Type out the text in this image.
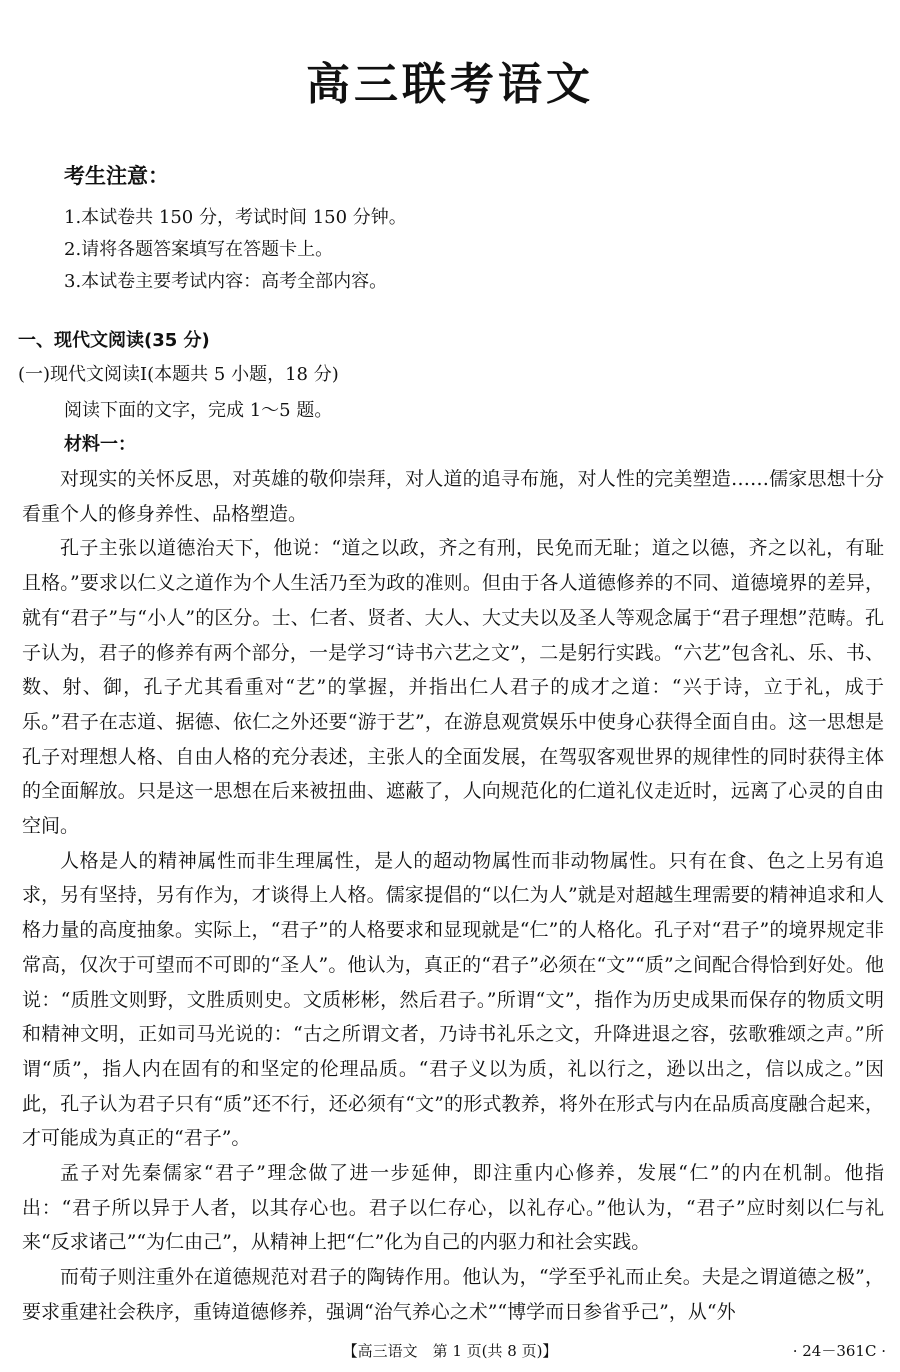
高三联考语文
考生注意：
1.本试卷共 150 分，考试时间 150 分钟。
2.请将各题答案填写在答题卡上。
3.本试卷主要考试内容：高考全部内容。
一、现代文阅读(35 分)
(一)现代文阅读Ⅰ(本题共 5 小题，18 分)
阅读下面的文字，完成 1～5 题。
材料一：

对现实的关怀反思，对英雄的敬仰崇拜，对人道的追寻布施，对人性的完美塑造……儒家思想十分看重个人的修身养性、品格塑造。

孔子主张以道德治天下，他说：“道之以政，齐之有刑，民免而无耻；道之以德，齐之以礼，有耻且格。”要求以仁义之道作为个人生活乃至为政的准则。但由于各人道德修养的不同、道德境界的差异，就有“君子”与“小人”的区分。士、仁者、贤者、大人、大丈夫以及圣人等观念属于“君子理想”范畴。孔子认为，君子的修养有两个部分，一是学习“诗书六艺之文”，二是躬行实践。“六艺”包含礼、乐、书、数、射、御，孔子尤其看重对“艺”的掌握，并指出仁人君子的成才之道：“兴于诗，立于礼，成于乐。”君子在志道、据德、依仁之外还要“游于艺”，在游息观赏娱乐中使身心获得全面自由。这一思想是孔子对理想人格、自由人格的充分表述，主张人的全面发展，在驾驭客观世界的规律性的同时获得主体的全面解放。只是这一思想在后来被扭曲、遮蔽了，人向规范化的仁道礼仪走近时，远离了心灵的自由空间。

人格是人的精神属性而非生理属性，是人的超动物属性而非动物属性。只有在食、色之上另有追求，另有坚持，另有作为，才谈得上人格。儒家提倡的“以仁为人”就是对超越生理需要的精神追求和人格力量的高度抽象。实际上，“君子”的人格要求和显现就是“仁”的人格化。孔子对“君子”的境界规定非常高，仅次于可望而不可即的“圣人”。他认为，真正的“君子”必须在“文”“质”之间配合得恰到好处。他说：“质胜文则野，文胜质则史。文质彬彬，然后君子。”所谓“文”，指作为历史成果而保存的物质文明和精神文明，正如司马光说的：“古之所谓文者，乃诗书礼乐之文，升降进退之容，弦歌雅颂之声。”所谓“质”，指人内在固有的和坚定的伦理品质。“君子义以为质，礼以行之，逊以出之，信以成之。”因此，孔子认为君子只有“质”还不行，还必须有“文”的形式教养，将外在形式与内在品质高度融合起来，才可能成为真正的“君子”。

孟子对先秦儒家“君子”理念做了进一步延伸，即注重内心修养，发展“仁”的内在机制。他指出：“君子所以异于人者，以其存心也。君子以仁存心，以礼存心。”他认为，“君子”应时刻以仁与礼来“反求诸己”“为仁由己”，从精神上把“仁”化为自己的内驱力和社会实践。

而荀子则注重外在道德规范对君子的陶铸作用。他认为，“学至乎礼而止矣。夫是之谓道德之极”，要求重建社会秩序，重铸道德修养，强调“治气养心之术”“博学而日参省乎己”，从“外

【高三语文　第 1 页(共 8 页)】	· 24－361C ·
